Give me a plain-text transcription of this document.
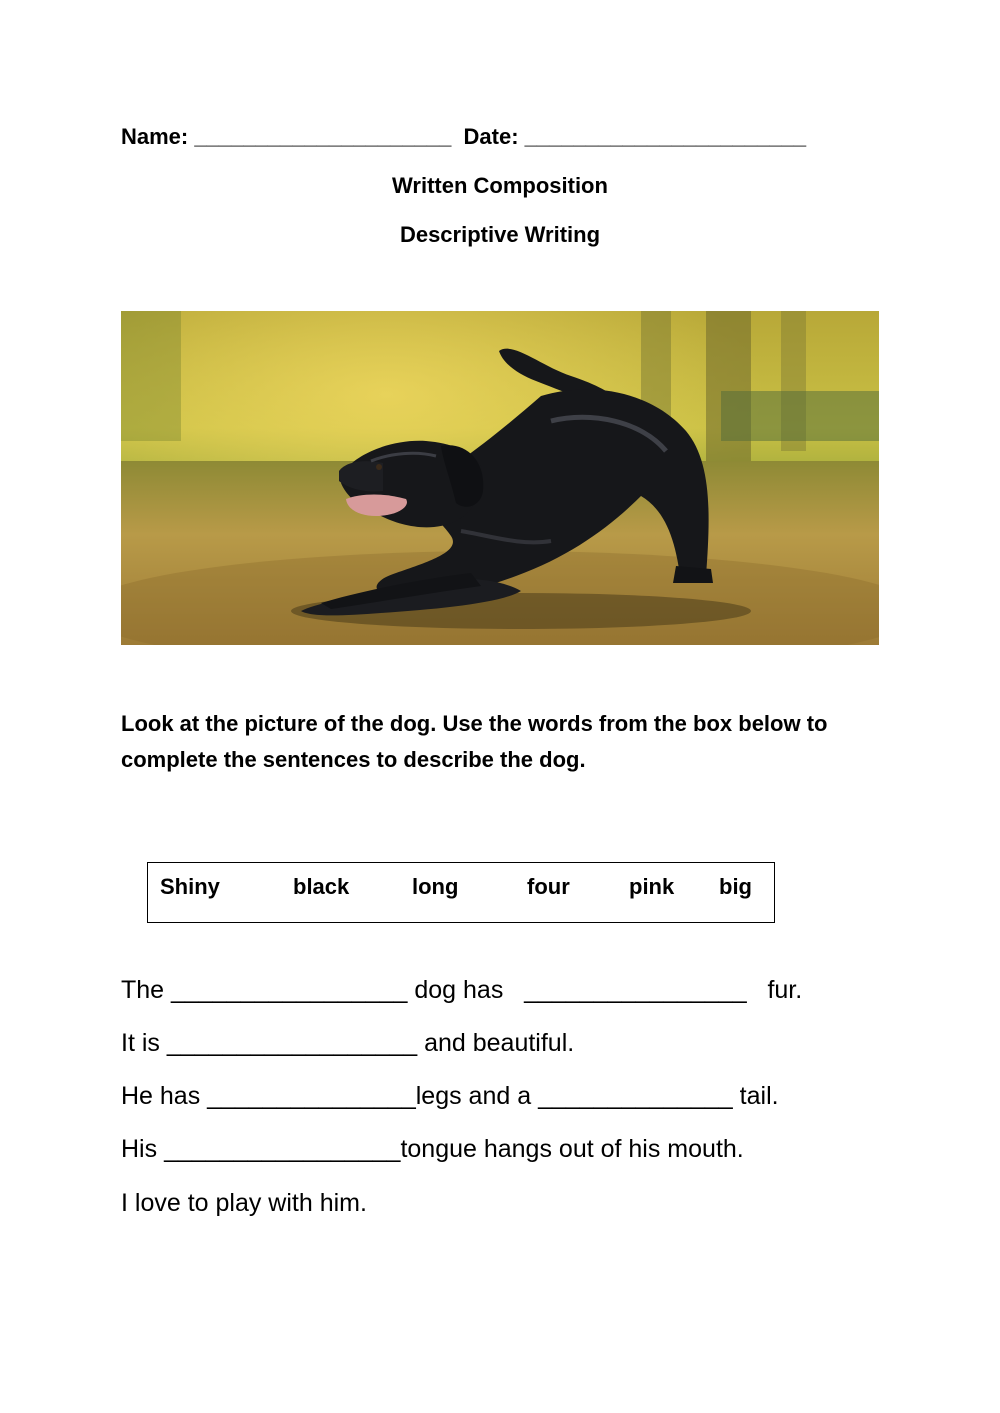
Name: _____________________  Date: _______________________
Written Composition
Descriptive Writing
Look at the picture of the dog. Use the words from the box below to complete the sentences to describe the dog.
Shiny	black	long	four	pink big
The _________________ dog has   ________________   fur.
It is __________________ and beautiful.
He has _______________legs and a ______________ tail.
His _________________tongue hangs out of his mouth.
I love to play with him.
